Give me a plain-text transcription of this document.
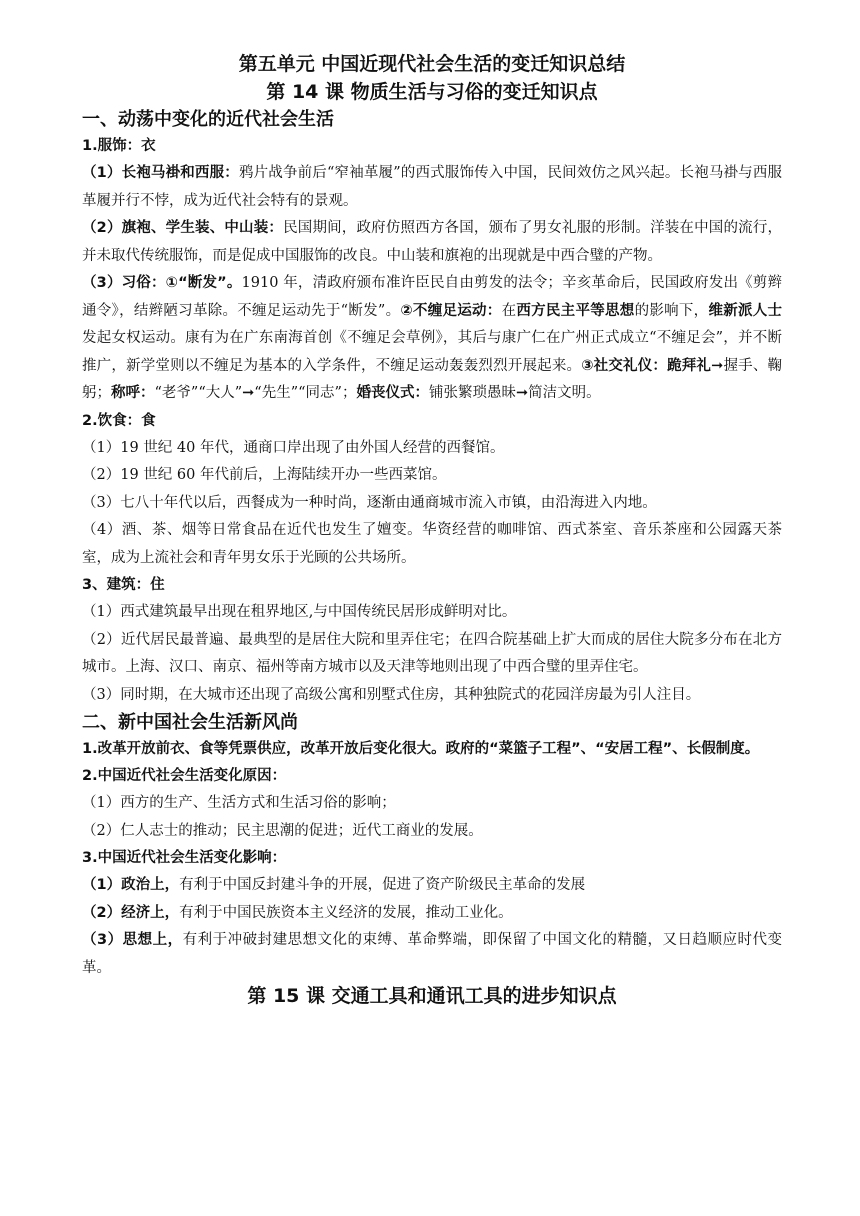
第五单元 中国近现代社会生活的变迁知识总结

第 14 课 物质生活与习俗的变迁知识点

一、动荡中变化的近代社会生活

1.服饰：衣

（1）长袍马褂和西服：鸦片战争前后“窄袖革履”的西式服饰传入中国，民间效仿之风兴起。长袍马褂与西服革履并行不悖，成为近代社会特有的景观。

（2）旗袍、学生装、中山装：民国期间，政府仿照西方各国，颁布了男女礼服的形制。洋装在中国的流行，并未取代传统服饰，而是促成中国服饰的改良。中山装和旗袍的出现就是中西合璧的产物。

（3）习俗：①“断发”。1910 年，清政府颁布准许臣民自由剪发的法令；辛亥革命后，民国政府发出《剪辫通令》，结辫陋习革除。不缠足运动先于“断发”。②不缠足运动：在西方民主平等思想的影响下，维新派人士发起女权运动。康有为在广东南海首创《不缠足会草例》，其后与康广仁在广州正式成立“不缠足会”，并不断推广，新学堂则以不缠足为基本的入学条件，不缠足运动轰轰烈烈开展起来。③社交礼仪：跪拜礼➞握手、鞠躬；称呼：“老爷”“大人”➞“先生”“同志”；婚丧仪式：铺张繁琐愚昧➞简洁文明。

2.饮食：食

（1）19 世纪 40 年代，通商口岸出现了由外国人经营的西餐馆。

（2）19 世纪 60 年代前后，上海陆续开办一些西菜馆。

（3）七八十年代以后，西餐成为一种时尚，逐渐由通商城市流入市镇，由沿海进入内地。

（4）酒、茶、烟等日常食品在近代也发生了嬗变。华资经营的咖啡馆、西式茶室、音乐茶座和公园露天茶室，成为上流社会和青年男女乐于光顾的公共场所。

3、建筑：住

（1）西式建筑最早出现在租界地区,与中国传统民居形成鲜明对比。

（2）近代居民最普遍、最典型的是居住大院和里弄住宅；在四合院基础上扩大而成的居住大院多分布在北方城市。上海、汉口、南京、福州等南方城市以及天津等地则出现了中西合璧的里弄住宅。

（3）同时期，在大城市还出现了高级公寓和别墅式住房，其种独院式的花园洋房最为引人注目。

二、新中国社会生活新风尚

1.改革开放前衣、食等凭票供应，改革开放后变化很大。政府的“菜篮子工程”、“安居工程”、长假制度。

2.中国近代社会生活变化原因：

（1）西方的生产、生活方式和生活习俗的影响；

（2）仁人志士的推动；民主思潮的促进；近代工商业的发展。

3.中国近代社会生活变化影响：

（1）政治上，有利于中国反封建斗争的开展，促进了资产阶级民主革命的发展

（2）经济上，有利于中国民族资本主义经济的发展，推动工业化。

（3）思想上，有利于冲破封建思想文化的束缚、革命弊端，即保留了中国文化的精髓，又日趋顺应时代变革。

第 15 课 交通工具和通讯工具的进步知识点
